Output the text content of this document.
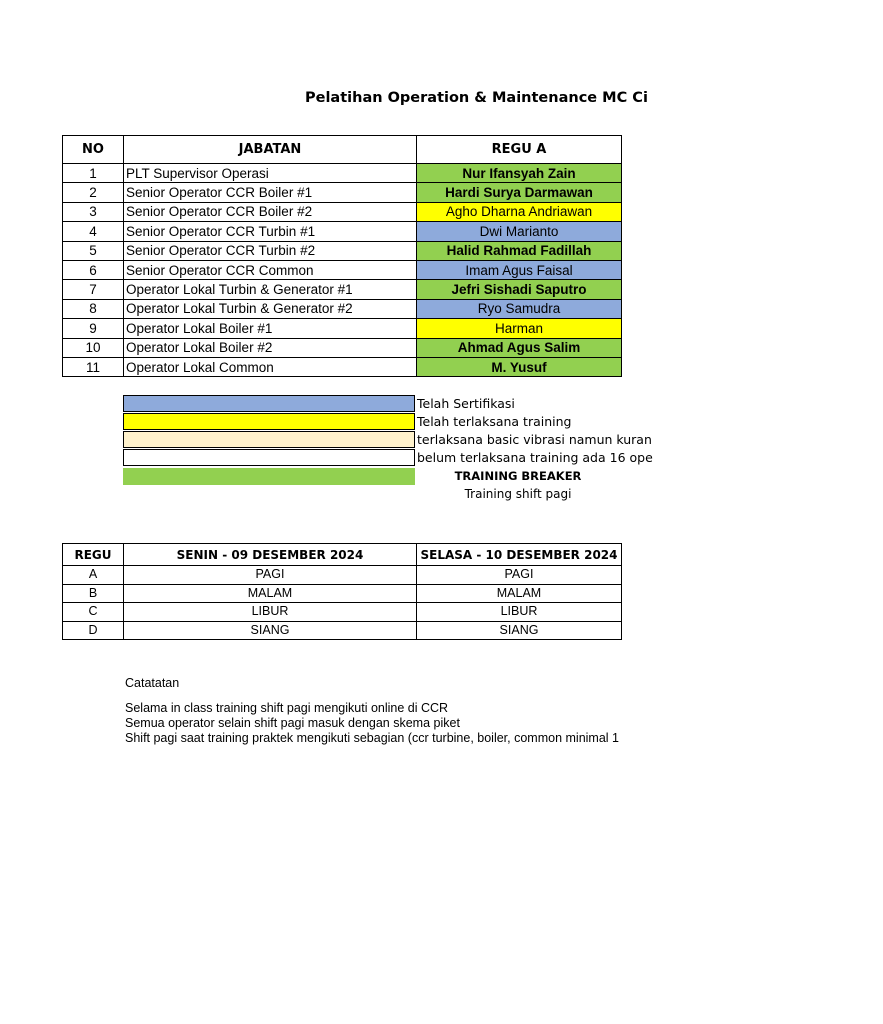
Pelatihan Operation & Maintenance MC Ci
NO	JABATAN	REGU A
1	PLT Supervisor Operasi	Nur Ifansyah Zain
2	Senior Operator CCR Boiler #1	Hardi Surya Darmawan
3	Senior Operator CCR Boiler #2	Agho Dharna Andriawan
4	Senior Operator CCR Turbin #1	Dwi Marianto
5	Senior Operator CCR Turbin #2	Halid Rahmad Fadillah
6	Senior Operator CCR Common	Imam Agus Faisal
7	Operator Lokal Turbin & Generator #1	Jefri Sishadi Saputro
8	Operator Lokal Turbin & Generator #2	Ryo Samudra
9	Operator Lokal Boiler #1	Harman
10	Operator Lokal Boiler #2	Ahmad Agus Salim
11	Operator Lokal Common	M. Yusuf
Telah Sertifikasi
Telah terlaksana training
terlaksana basic vibrasi namun kuran
belum terlaksana training ada 16 ope
TRAINING BREAKER
Training shift pagi
REGU	SENIN - 09 DESEMBER 2024	SELASA - 10 DESEMBER 2024
A	PAGI	PAGI
B	MALAM	MALAM
C	LIBUR	LIBUR
D	SIANG	SIANG
Catatatan
Selama in class training shift pagi mengikuti online di CCR
Semua operator selain shift pagi masuk dengan skema piket
Shift pagi saat training praktek mengikuti sebagian (ccr turbine, boiler, common minimal 1
